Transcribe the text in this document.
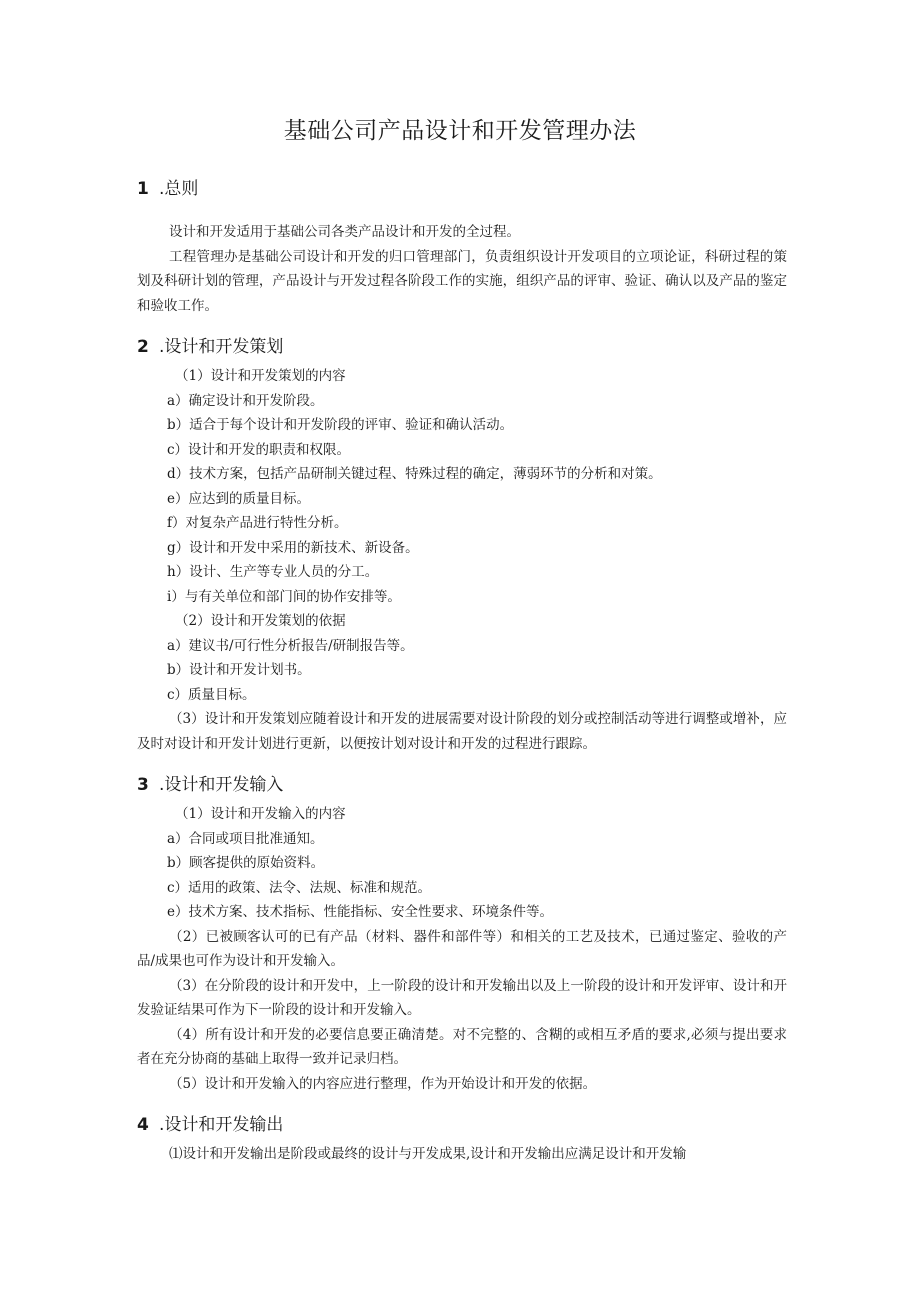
基础公司产品设计和开发管理办法
1 .总则

设计和开发适用于基础公司各类产品设计和开发的全过程。

工程管理办是基础公司设计和开发的归口管理部门，负责组织设计开发项目的立项论证，科研过程的策划及科研计划的管理，产品设计与开发过程各阶段工作的实施，组织产品的评审、验证、确认以及产品的鉴定和验收工作。

2 .设计和开发策划

（1）设计和开发策划的内容

a）确定设计和开发阶段。

b）适合于每个设计和开发阶段的评审、验证和确认活动。

c）设计和开发的职责和权限。

d）技术方案，包括产品研制关键过程、特殊过程的确定，薄弱环节的分析和对策。

e）应达到的质量目标。

f）对复杂产品进行特性分析。

g）设计和开发中采用的新技术、新设备。

h）设计、生产等专业人员的分工。

i）与有关单位和部门间的协作安排等。

（2）设计和开发策划的依据

a）建议书/可行性分析报告/研制报告等。

b）设计和开发计划书。

c）质量目标。

（3）设计和开发策划应随着设计和开发的进展需要对设计阶段的划分或控制活动等进行调整或增补，应及时对设计和开发计划进行更新，以便按计划对设计和开发的过程进行跟踪。

3 .设计和开发输入

（1）设计和开发输入的内容

a）合同或项目批准通知。

b）顾客提供的原始资料。

c）适用的政策、法令、法规、标准和规范。

e）技术方案、技术指标、性能指标、安全性要求、环境条件等。

（2）已被顾客认可的已有产品（材料、器件和部件等）和相关的工艺及技术，已通过鉴定、验收的产品/成果也可作为设计和开发输入。

（3）在分阶段的设计和开发中，上一阶段的设计和开发输出以及上一阶段的设计和开发评审、设计和开发验证结果可作为下一阶段的设计和开发输入。

（4）所有设计和开发的必要信息要正确清楚。对不完整的、含糊的或相互矛盾的要求,必须与提出要求者在充分协商的基础上取得一致并记录归档。

（5）设计和开发输入的内容应进行整理，作为开始设计和开发的依据。

4 .设计和开发输出

⑴设计和开发输出是阶段或最终的设计与开发成果,设计和开发输出应满足设计和开发输
